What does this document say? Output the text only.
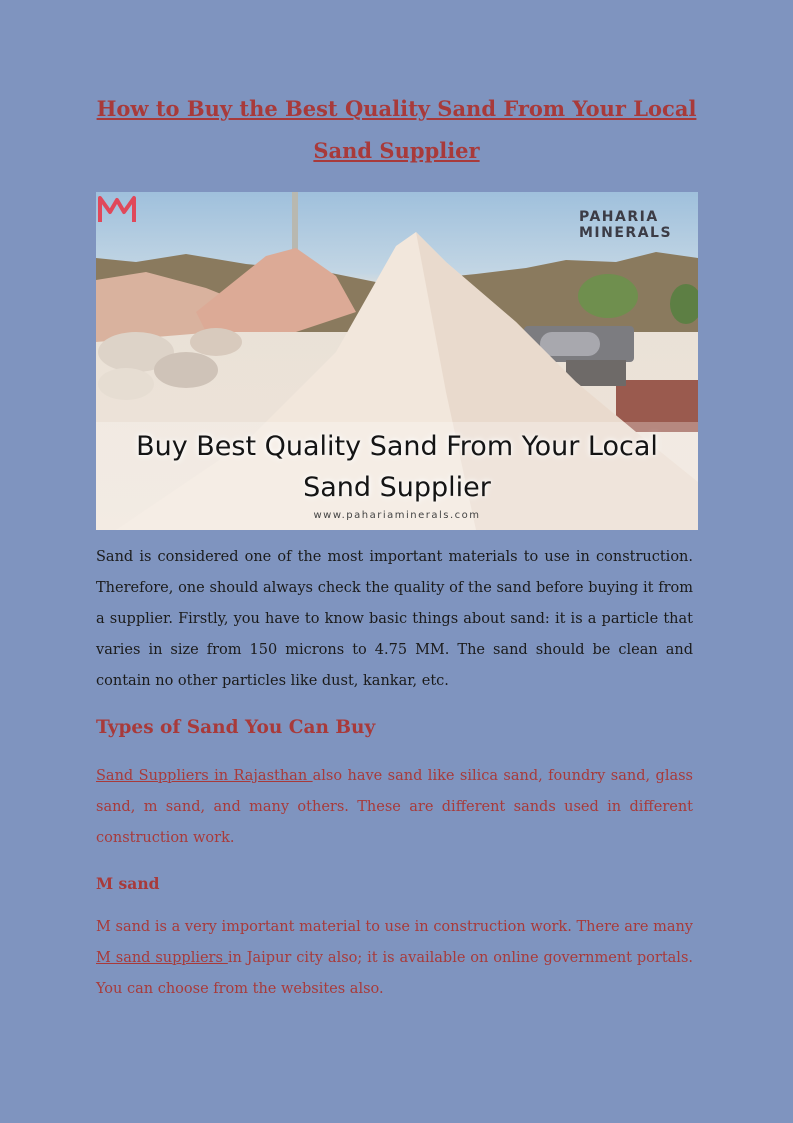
How to Buy the Best Quality Sand From Your Local
Sand Supplier
PAHARIA
MINERALS
Buy Best Quality Sand From Your Local
Sand Supplier
www.pahariaminerals.com

Sand is considered one of the most important materials to use in construction. Therefore, one should always check the quality of the sand before buying it from a supplier. Firstly, you have to know basic things about sand: it is a particle that varies in size from 150 microns to 4.75 MM. The sand should be clean and contain no other particles like dust, kankar, etc.

Types of Sand You Can Buy

Sand Suppliers in Rajasthan also have sand like silica sand, foundry sand, glass sand, m sand, and many others. These are different sands used in different construction work.

M sand

M sand is a very important material to use in construction work. There are many M sand suppliers in Jaipur city also; it is available on online government portals. You can choose from the websites also.
